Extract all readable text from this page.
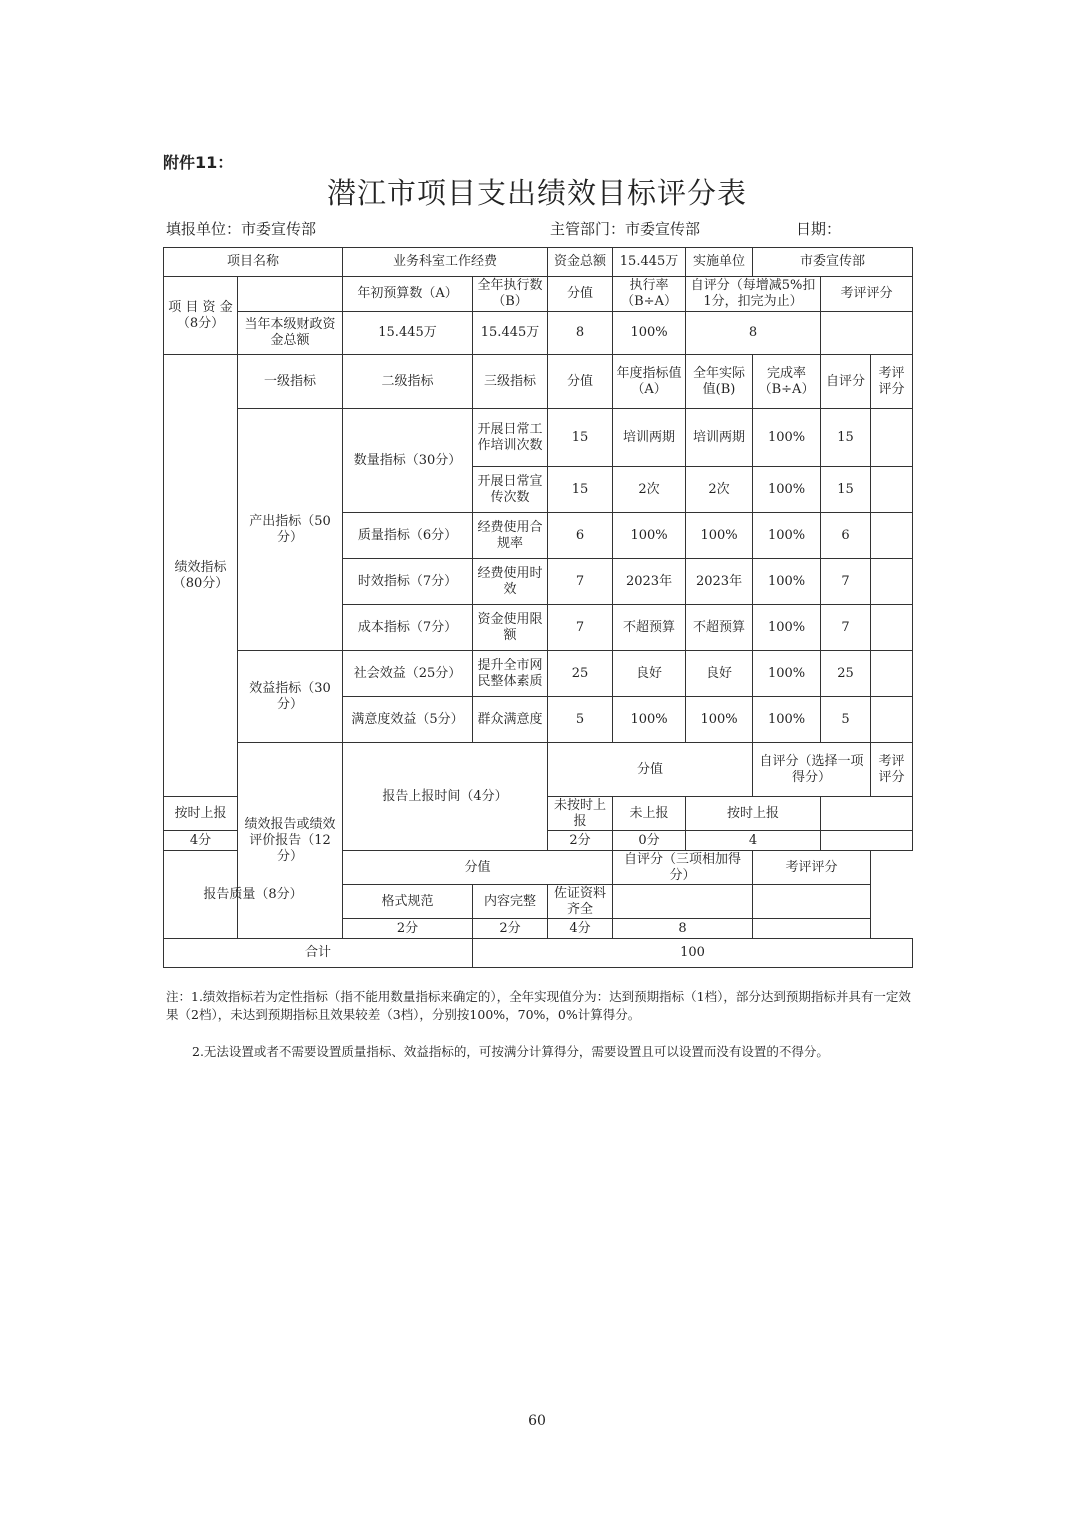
附件11：
潜江市项目支出绩效目标评分表
填报单位：市委宣传部	主管部门：市委宣传部	日期：
项目名称		业务科室工作经费		资金总额	15.445万	实施单位	市委宣传部			
项 目 资 金（8分）		年初预算数（A）	全年执行数（B）	分值	执行率（B÷A）	自评分（每增减5%扣1分，扣完为止）		考评评分		
	当年本级财政资金总额	15.445万	15.445万	8	100%	8				
绩效指标（80分）	一级指标	二级指标	三级指标	分值	年度指标值（A）	全年实际值(B)	完成率（B÷A）	自评分	考评评分	
	产出指标（50分）	数量指标（30分）	开展日常工作培训次数	15	培训两期	培训两期	100%	15		
			开展日常宣传次数	15	2次	2次	100%	15		
		质量指标（6分）	经费使用合规率	6	100%	100%	100%	6		
		时效指标（7分）	经费使用时效	7	2023年	2023年	100%	7		
		成本指标（7分）	资金使用限额	7	不超预算	不超预算	100%	7		
	效益指标（30分）	社会效益（25分）	提升全市网民整体素质	25	良好	良好	100%	25		
		满意度效益（5分）	群众满意度	5	100%	100%	100%	5		
	绩效报告或绩效评价报告（12分）	报告上报时间（4分）		分值			自评分（选择一项得分）		考评评分	
按时上报				未按时上报	未上报	按时上报				
4分				2分	0分	4				
报告质量（8分）		分值			自评分（三项相加得分）		考评评分			
		格式规范	内容完整	佐证资料齐全						
		2分	2分	4分	8					
合计			100							
注：1.绩效指标若为定性指标（指不能用数量指标来确定的），全年实现值分为：达到预期指标（1档），部分达到预期指标并具有一定效果（2档），未达到预期指标且效果较差（3档），分别按100%，70%，0%计算得分。
2.无法设置或者不需要设置质量指标、效益指标的，可按满分计算得分，需要设置且可以设置而没有设置的不得分。
60
